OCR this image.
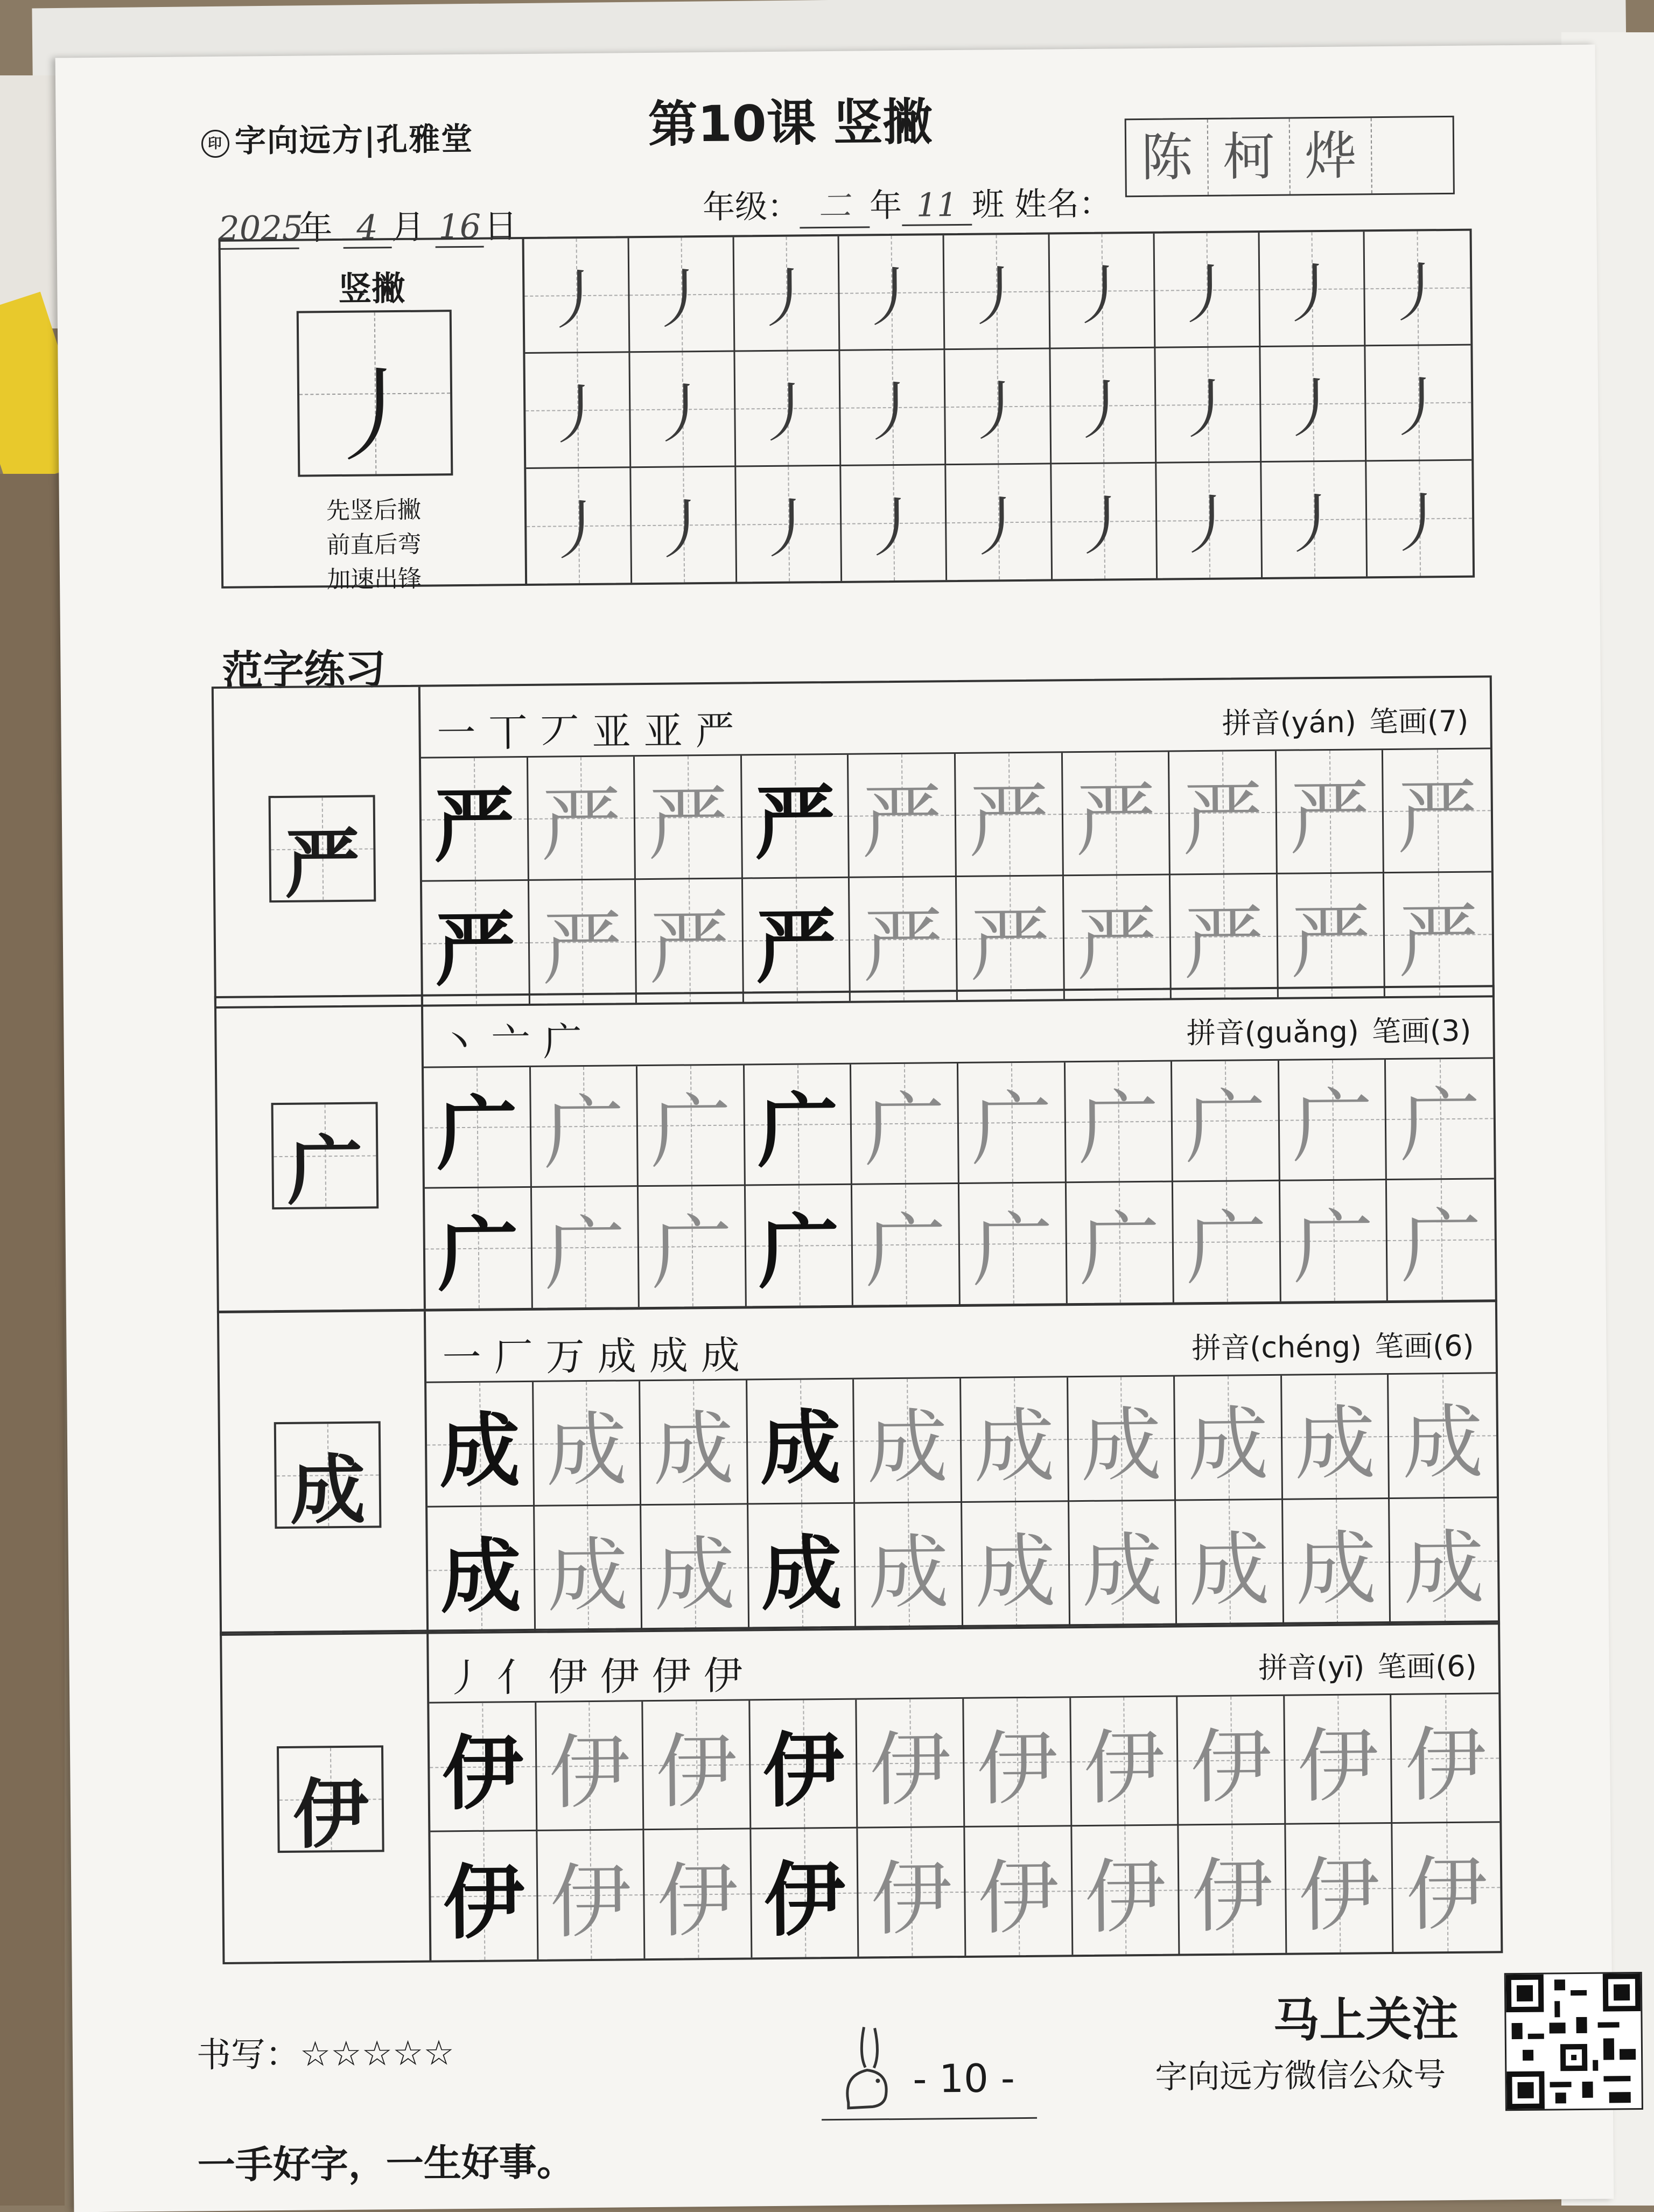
印 字向远方|孔雅堂	第10课 竖撇
2025年 4 月 16日	年级： 二 年 11 班 姓名：
陈 柯 烨
竖撇
丿
先竖后撇
前直后弯
加速出锋
丿 丿 丿 丿 丿 丿 丿 丿 丿
丿 丿 丿 丿 丿 丿 丿 丿 丿
丿 丿 丿 丿 丿 丿 丿 丿 丿
范字练习
严
一丅丆亚亚严	拼音(yán) 笔画(7)
严 严 严 严 严 严 严 严 严 严
严 严 严 严 严 严 严 严 严 严
广
丶亠广	拼音(guǎng) 笔画(3)
广 广 广 广 广 广 广 广 广 广
广 广 广 广 广 广 广 广 广 广
成
一厂万成成成	拼音(chéng) 笔画(6)
成 成 成 成 成 成 成 成 成 成
成 成 成 成 成 成 成 成 成 成
伊
丿亻伊伊伊伊	拼音(yī) 笔画(6)
伊 伊 伊 伊 伊 伊 伊 伊 伊 伊
伊 伊 伊 伊 伊 伊 伊 伊 伊 伊
书写：☆☆☆☆☆
一手好字，一生好事。
- 10 -
马上关注
字向远方微信公众号
